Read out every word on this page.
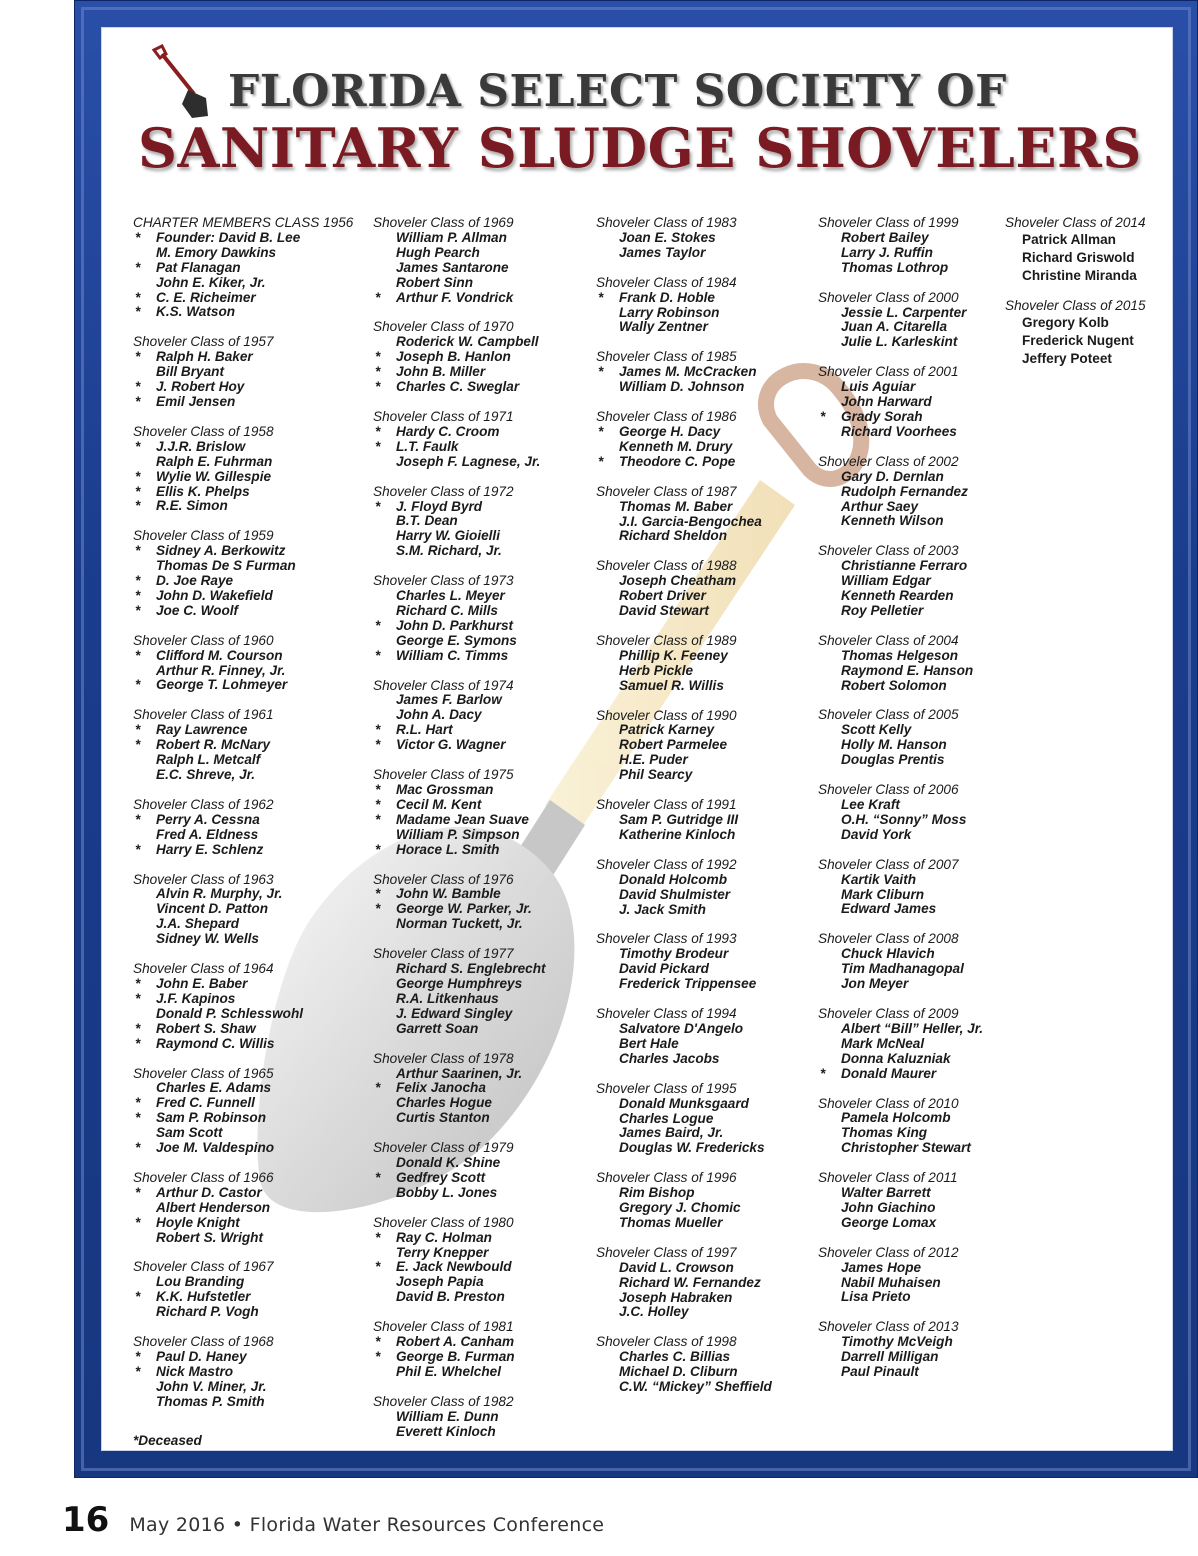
FLORIDA SELECT SOCIETY OF
SANITARY SLUDGE SHOVELERS
CHARTER MEMBERS CLASS 1956
* Founder: David B. Lee
M. Emory Dawkins
* Pat Flanagan
John E. Kiker, Jr.
* C. E. Richeimer
* K.S. Watson
Shoveler Class of 1957
* Ralph H. Baker
Bill Bryant
* J. Robert Hoy
* Emil Jensen
Shoveler Class of 1958
* J.J.R. Brislow
Ralph E. Fuhrman
* Wylie W. Gillespie
* Ellis K. Phelps
* R.E. Simon
Shoveler Class of 1959
* Sidney A. Berkowitz
Thomas De S Furman
* D. Joe Raye
* John D. Wakefield
* Joe C. Woolf
Shoveler Class of 1960
* Clifford M. Courson
Arthur R. Finney, Jr.
* George T. Lohmeyer
Shoveler Class of 1961
* Ray Lawrence
* Robert R. McNary
Ralph L. Metcalf
E.C. Shreve, Jr.
Shoveler Class of 1962
* Perry A. Cessna
Fred A. Eldness
* Harry E. Schlenz
Shoveler Class of 1963
Alvin R. Murphy, Jr.
Vincent D. Patton
J.A. Shepard
Sidney W. Wells
Shoveler Class of 1964
* John E. Baber
* J.F. Kapinos
Donald P. Schlesswohl
* Robert S. Shaw
* Raymond C. Willis
Shoveler Class of 1965
Charles E. Adams
* Fred C. Funnell
* Sam P. Robinson
Sam Scott
* Joe M. Valdespino
Shoveler Class of 1966
* Arthur D. Castor
Albert Henderson
* Hoyle Knight
Robert S. Wright
Shoveler Class of 1967
Lou Branding
* K.K. Hufstetler
Richard P. Vogh
Shoveler Class of 1968
* Paul D. Haney
* Nick Mastro
John V. Miner, Jr.
Thomas P. Smith
Shoveler Class of 1969
William P. Allman
Hugh Pearch
James Santarone
Robert Sinn
* Arthur F. Vondrick
Shoveler Class of 1970
Roderick W. Campbell
* Joseph B. Hanlon
* John B. Miller
* Charles C. Sweglar
Shoveler Class of 1971
* Hardy C. Croom
* L.T. Faulk
Joseph F. Lagnese, Jr.
Shoveler Class of 1972
* J. Floyd Byrd
B.T. Dean
Harry W. Gioielli
S.M. Richard, Jr.
Shoveler Class of 1973
Charles L. Meyer
Richard C. Mills
* John D. Parkhurst
George E. Symons
* William C. Timms
Shoveler Class of 1974
James F. Barlow
John A. Dacy
* R.L. Hart
* Victor G. Wagner
Shoveler Class of 1975
* Mac Grossman
* Cecil M. Kent
* Madame Jean Suave
William P. Simpson
* Horace L. Smith
Shoveler Class of 1976
* John W. Bamble
* George W. Parker, Jr.
Norman Tuckett, Jr.
Shoveler Class of 1977
Richard S. Englebrecht
George Humphreys
R.A. Litkenhaus
J. Edward Singley
Garrett Soan
Shoveler Class of 1978
Arthur Saarinen, Jr.
* Felix Janocha
Charles Hogue
Curtis Stanton
Shoveler Class of 1979
Donald K. Shine
* Gedfrey Scott
Bobby L. Jones
Shoveler Class of 1980
* Ray C. Holman
Terry Knepper
* E. Jack Newbould
Joseph Papia
David B. Preston
Shoveler Class of 1981
* Robert A. Canham
* George B. Furman
Phil E. Whelchel
Shoveler Class of 1982
William E. Dunn
Everett Kinloch
Shoveler Class of 1983
Joan E. Stokes
James Taylor
Shoveler Class of 1984
* Frank D. Hoble
Larry Robinson
Wally Zentner
Shoveler Class of 1985
* James M. McCracken
William D. Johnson
Shoveler Class of 1986
* George H. Dacy
Kenneth M. Drury
* Theodore C. Pope
Shoveler Class of 1987
Thomas M. Baber
J.I. Garcia-Bengochea
Richard Sheldon
Shoveler Class of 1988
Joseph Cheatham
Robert Driver
David Stewart
Shoveler Class of 1989
Phillip K. Feeney
Herb Pickle
Samuel R. Willis
Shoveler Class of 1990
Patrick Karney
Robert Parmelee
H.E. Puder
Phil Searcy
Shoveler Class of 1991
Sam P. Gutridge III
Katherine Kinloch
Shoveler Class of 1992
Donald Holcomb
David Shulmister
J. Jack Smith
Shoveler Class of 1993
Timothy Brodeur
David Pickard
Frederick Trippensee
Shoveler Class of 1994
Salvatore D'Angelo
Bert Hale
Charles Jacobs
Shoveler Class of 1995
Donald Munksgaard
Charles Logue
James Baird, Jr.
Douglas W. Fredericks
Shoveler Class of 1996
Rim Bishop
Gregory J. Chomic
Thomas Mueller
Shoveler Class of 1997
David L. Crowson
Richard W. Fernandez
Joseph Habraken
J.C. Holley
Shoveler Class of 1998
Charles C. Billias
Michael D. Cliburn
C.W. “Mickey” Sheffield
Shoveler Class of 1999
Robert Bailey
Larry J. Ruffin
Thomas Lothrop
Shoveler Class of 2000
Jessie L. Carpenter
Juan A. Citarella
Julie L. Karleskint
Shoveler Class of 2001
Luis Aguiar
John Harward
* Grady Sorah
Richard Voorhees
Shoveler Class of 2002
Gary D. Dernlan
Rudolph Fernandez
Arthur Saey
Kenneth Wilson
Shoveler Class of 2003
Christianne Ferraro
William Edgar
Kenneth Rearden
Roy Pelletier
Shoveler Class of 2004
Thomas Helgeson
Raymond E. Hanson
Robert Solomon
Shoveler Class of 2005
Scott Kelly
Holly M. Hanson
Douglas Prentis
Shoveler Class of 2006
Lee Kraft
O.H. “Sonny” Moss
David York
Shoveler Class of 2007
Kartik Vaith
Mark Cliburn
Edward James
Shoveler Class of 2008
Chuck Hlavich
Tim Madhanagopal
Jon Meyer
Shoveler Class of 2009
Albert “Bill” Heller, Jr.
Mark McNeal
Donna Kaluzniak
* Donald Maurer
Shoveler Class of 2010
Pamela Holcomb
Thomas King
Christopher Stewart
Shoveler Class of 2011
Walter Barrett
John Giachino
George Lomax
Shoveler Class of 2012
James Hope
Nabil Muhaisen
Lisa Prieto
Shoveler Class of 2013
Timothy McVeigh
Darrell Milligan
Paul Pinault
Shoveler Class of 2014
Patrick Allman
Richard Griswold
Christine Miranda
Shoveler Class of 2015
Gregory Kolb
Frederick Nugent
Jeffery Poteet
*Deceased
16 May 2016 • Florida Water Resources Conference
